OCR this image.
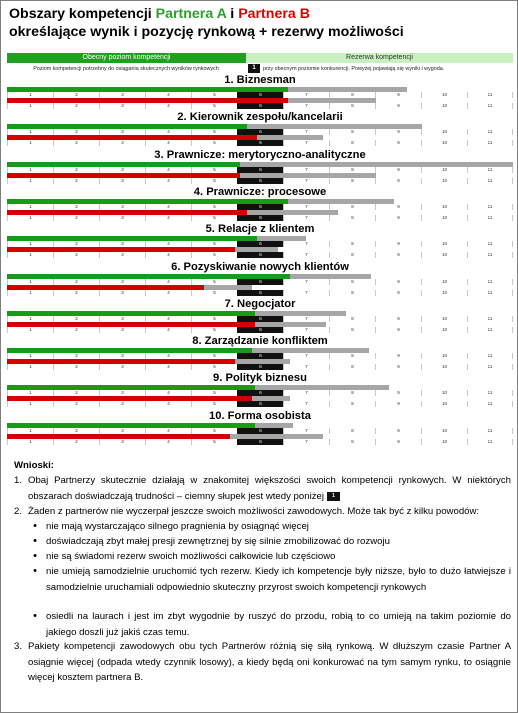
Obszary kompetencji Partnera A i Partnera B
określające wynik i pozycję rynkową + rezerwy możliwości
Obecny poziom kompetencji	Rezerwa kompetencji
Poziom kompetencji potrzebny do osiągania skutecznych wyników rynkowych	1	przy obecnym poziomie konkurencji. Powyżej pojawiają się wyniki i wygoda.
1. Biznesman
1	2	3	4	5	6	7	8	9	10	11
1	2	3	4	5	6	7	8	9	10	11
2. Kierownik zespołu/kancelarii
1	2	3	4	5	6	7	8	9	10	11
1	2	3	4	5	6	7	8	9	10	11
3. Prawnicze: merytoryczno-analityczne
1	2	3	4	5	6	7	8	9	10	11
1	2	3	4	5	6	7	8	9	10	11
4. Prawnicze: procesowe
1	2	3	4	5	6	7	8	9	10	11
1	2	3	4	5	6	7	8	9	10	11
5. Relacje z klientem
1	2	3	4	5	6	7	8	9	10	11
1	2	3	4	5	6	7	8	9	10	11
6. Pozyskiwanie nowych klientów
1	2	3	4	5	6	7	8	9	10	11
1	2	3	4	5	6	7	8	9	10	11
7. Negocjator
1	2	3	4	5	6	7	8	9	10	11
1	2	3	4	5	6	7	8	9	10	11
8. Zarządzanie konfliktem
1	2	3	4	5	6	7	8	9	10	11
1	2	3	4	5	6	7	8	9	10	11
9. Polityk biznesu
1	2	3	4	5	6	7	8	9	10	11
1	2	3	4	5	6	7	8	9	10	11
10. Forma osobista
1	2	3	4	5	6	7	8	9	10	11
1	2	3	4	5	6	7	8	9	10	11
Wnioski:
1. Obaj Partnerzy skutecznie działają w znakomitej większości swoich kompetencji rynkowych. W niektórych obszarach doświadczają trudności – ciemny słupek jest wtedy poniżej 1
2. Żaden z partnerów nie wyczerpał jeszcze swoich możliwości zawodowych. Może tak być z kilku powodów:
• nie mają wystarczająco silnego pragnienia by osiągnąć więcej
• doświadczają zbyt małej presji zewnętrznej by się silnie zmobilizować do rozwoju
• nie są świadomi rezerw swoich możliwości całkowicie lub częściowo
• nie umieją samodzielnie uruchomić tych rezerw. Kiedy ich kompetencje były niższe, było to dużo łatwiejsze i samodzielnie uruchamiali odpowiednio skuteczny przyrost swoich kompetencji rynkowych
• osiedli na laurach i jest im zbyt wygodnie by ruszyć do przodu, robią to co umieją na takim poziomie do jakiego doszli już jakiś czas temu.
3. Pakiety kompetencji zawodowych obu tych Partnerów różnią się siłą rynkową. W dłuższym czasie Partner A osiągnie więcej (odpada wtedy czynnik losowy), a kiedy będą oni konkurować na tym samym rynku, to osiągnie więcej kosztem partnera B.
